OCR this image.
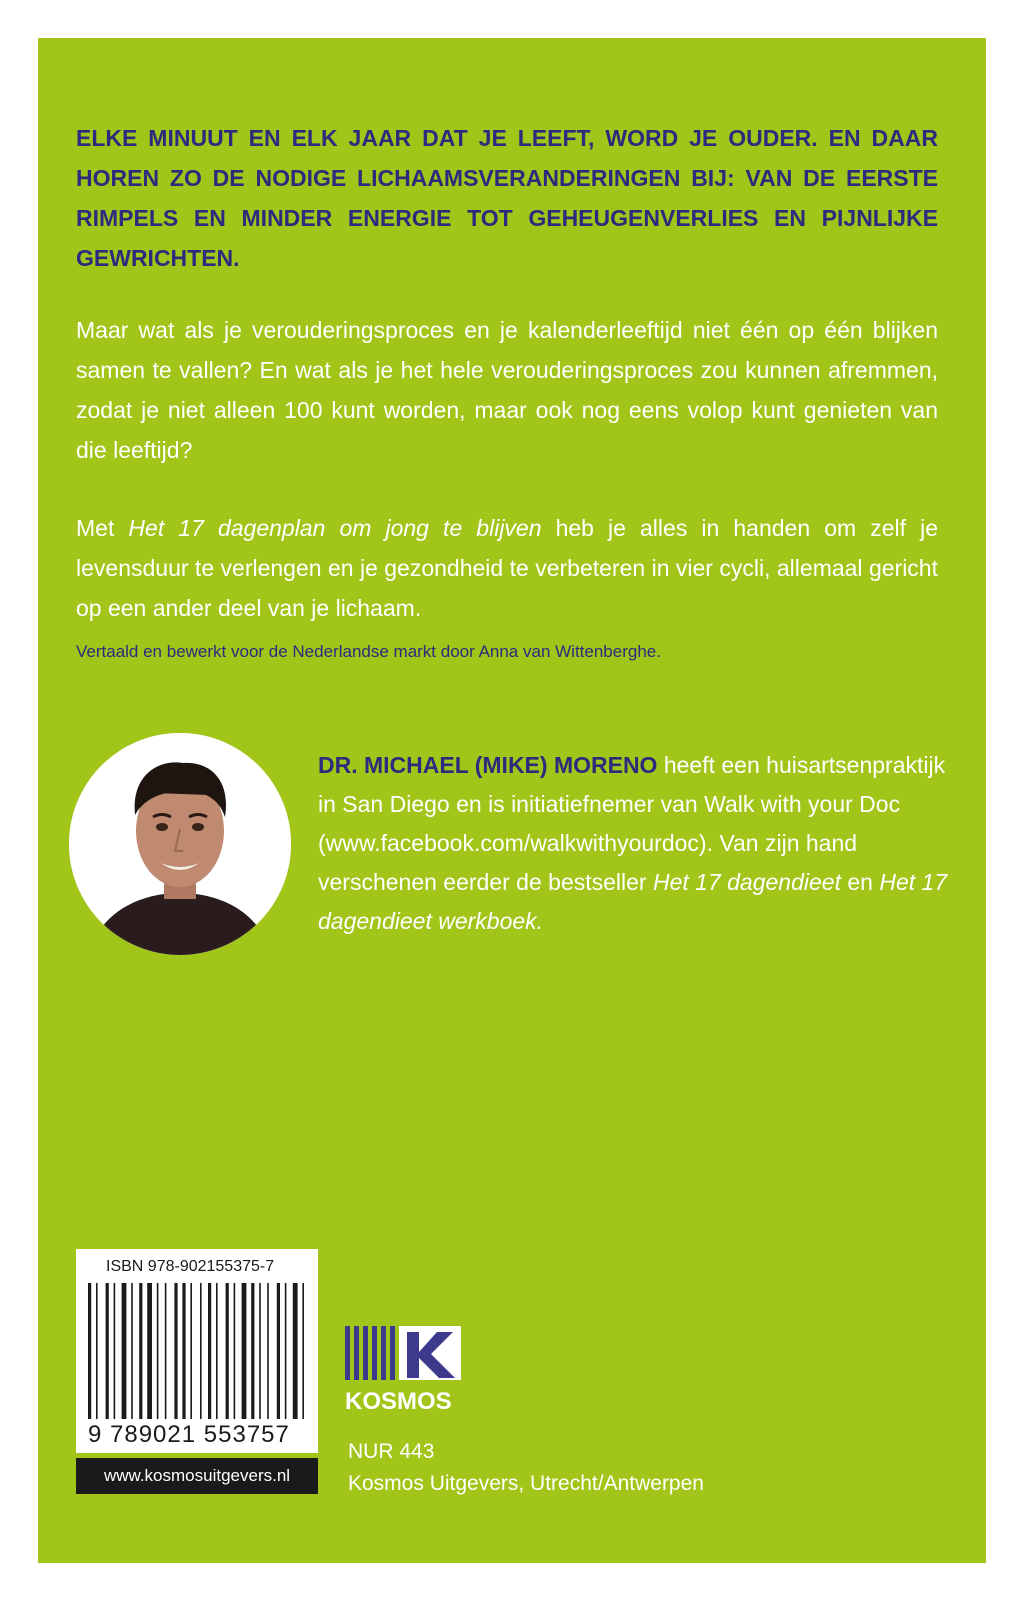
ELKE MINUUT EN ELK JAAR DAT JE LEEFT, WORD JE OUDER. EN DAAR HOREN ZO DE NODIGE LICHAAMSVERANDERINGEN BIJ: VAN DE EERSTE RIMPELS EN MINDER ENERGIE TOT GEHEUGENVERLIES EN PIJNLIJKE GEWRICHTEN.

Maar wat als je verouderingsproces en je kalenderleeftijd niet één op één blijken samen te vallen? En wat als je het hele verouderingsproces zou kunnen afremmen, zodat je niet alleen 100 kunt worden, maar ook nog eens volop kunt genieten van die leeftijd?

Met Het 17 dagenplan om jong te blijven heb je alles in handen om zelf je levensduur te verlengen en je gezondheid te verbeteren in vier cycli, allemaal gericht op een ander deel van je lichaam.

Vertaald en bewerkt voor de Nederlandse markt door Anna van Wittenberghe.

DR. MICHAEL (MIKE) MORENO heeft een huisartsenpraktijk in San Diego en is initiatiefnemer van Walk with your Doc (www.facebook.com/walkwithyourdoc). Van zijn hand verschenen eerder de bestseller Het 17 dagendieet en Het 17 dagendieet werkboek.

ISBN 978-902155375-7

9 789021 553757

www.kosmosuitgevers.nl

KOSMOS

NUR 443

Kosmos Uitgevers, Utrecht/Antwerpen
